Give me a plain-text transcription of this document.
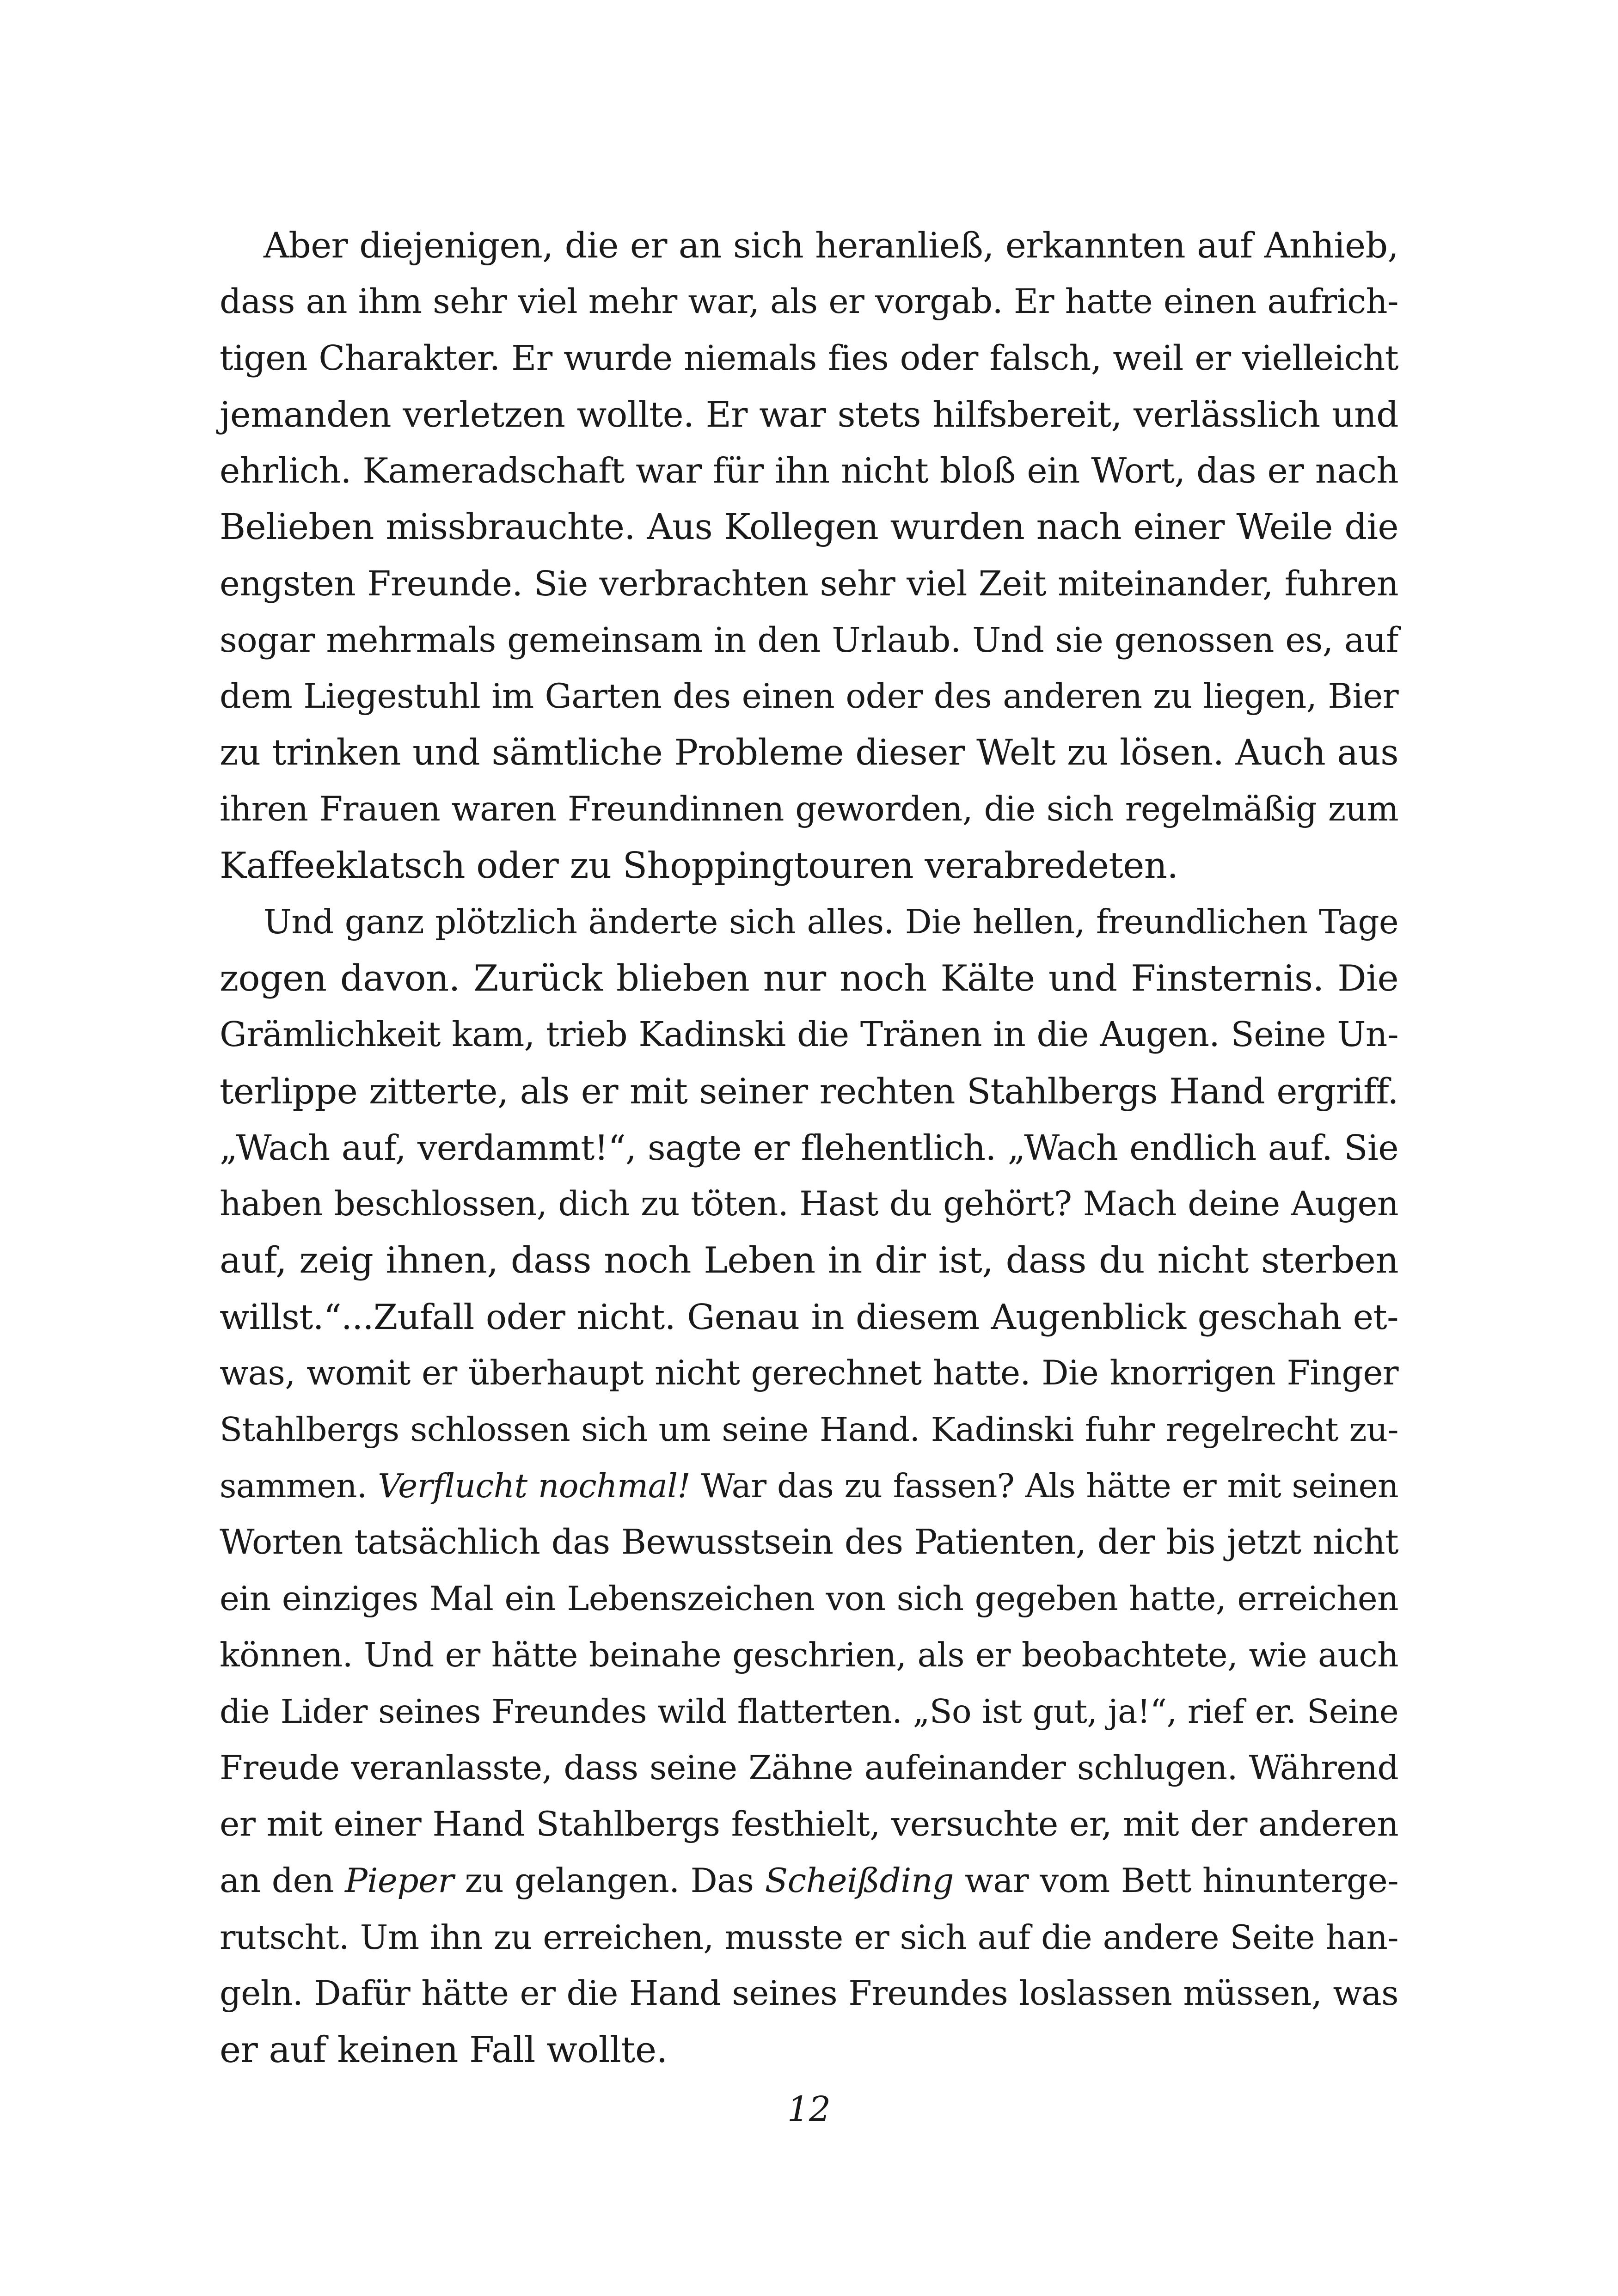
Aber diejenigen, die er an sich heranließ, erkannten auf Anhieb,
dass an ihm sehr viel mehr war, als er vorgab. Er hatte einen aufrich-
tigen Charakter. Er wurde niemals fies oder falsch, weil er vielleicht
jemanden verletzen wollte. Er war stets hilfsbereit, verlässlich und
ehrlich. Kameradschaft war für ihn nicht bloß ein Wort, das er nach
Belieben missbrauchte. Aus Kollegen wurden nach einer Weile die
engsten Freunde. Sie verbrachten sehr viel Zeit miteinander, fuhren
sogar mehrmals gemeinsam in den Urlaub. Und sie genossen es, auf
dem Liegestuhl im Garten des einen oder des anderen zu liegen, Bier
zu trinken und sämtliche Probleme dieser Welt zu lösen. Auch aus
ihren Frauen waren Freundinnen geworden, die sich regelmäßig zum
Kaffeeklatsch oder zu Shoppingtouren verabredeten.
Und ganz plötzlich änderte sich alles. Die hellen, freundlichen Tage
zogen davon. Zurück blieben nur noch Kälte und Finsternis. Die
Grämlichkeit kam, trieb Kadinski die Tränen in die Augen. Seine Un-
terlippe zitterte, als er mit seiner rechten Stahlbergs Hand ergriff.
„Wach auf, verdammt!“, sagte er flehentlich. „Wach endlich auf. Sie
haben beschlossen, dich zu töten. Hast du gehört? Mach deine Augen
auf, zeig ihnen, dass noch Leben in dir ist, dass du nicht sterben
willst.“...Zufall oder nicht. Genau in diesem Augenblick geschah et-
was, womit er überhaupt nicht gerechnet hatte. Die knorrigen Finger
Stahlbergs schlossen sich um seine Hand. Kadinski fuhr regelrecht zu-
sammen. Verflucht nochmal! War das zu fassen? Als hätte er mit seinen
Worten tatsächlich das Bewusstsein des Patienten, der bis jetzt nicht
ein einziges Mal ein Lebenszeichen von sich gegeben hatte, erreichen
können. Und er hätte beinahe geschrien, als er beobachtete, wie auch
die Lider seines Freundes wild flatterten. „So ist gut, ja!“, rief er. Seine
Freude veranlasste, dass seine Zähne aufeinander schlugen. Während
er mit einer Hand Stahlbergs festhielt, versuchte er, mit der anderen
an den Pieper zu gelangen. Das Scheißding war vom Bett hinunterge-
rutscht. Um ihn zu erreichen, musste er sich auf die andere Seite han-
geln. Dafür hätte er die Hand seines Freundes loslassen müssen, was
er auf keinen Fall wollte.
12
